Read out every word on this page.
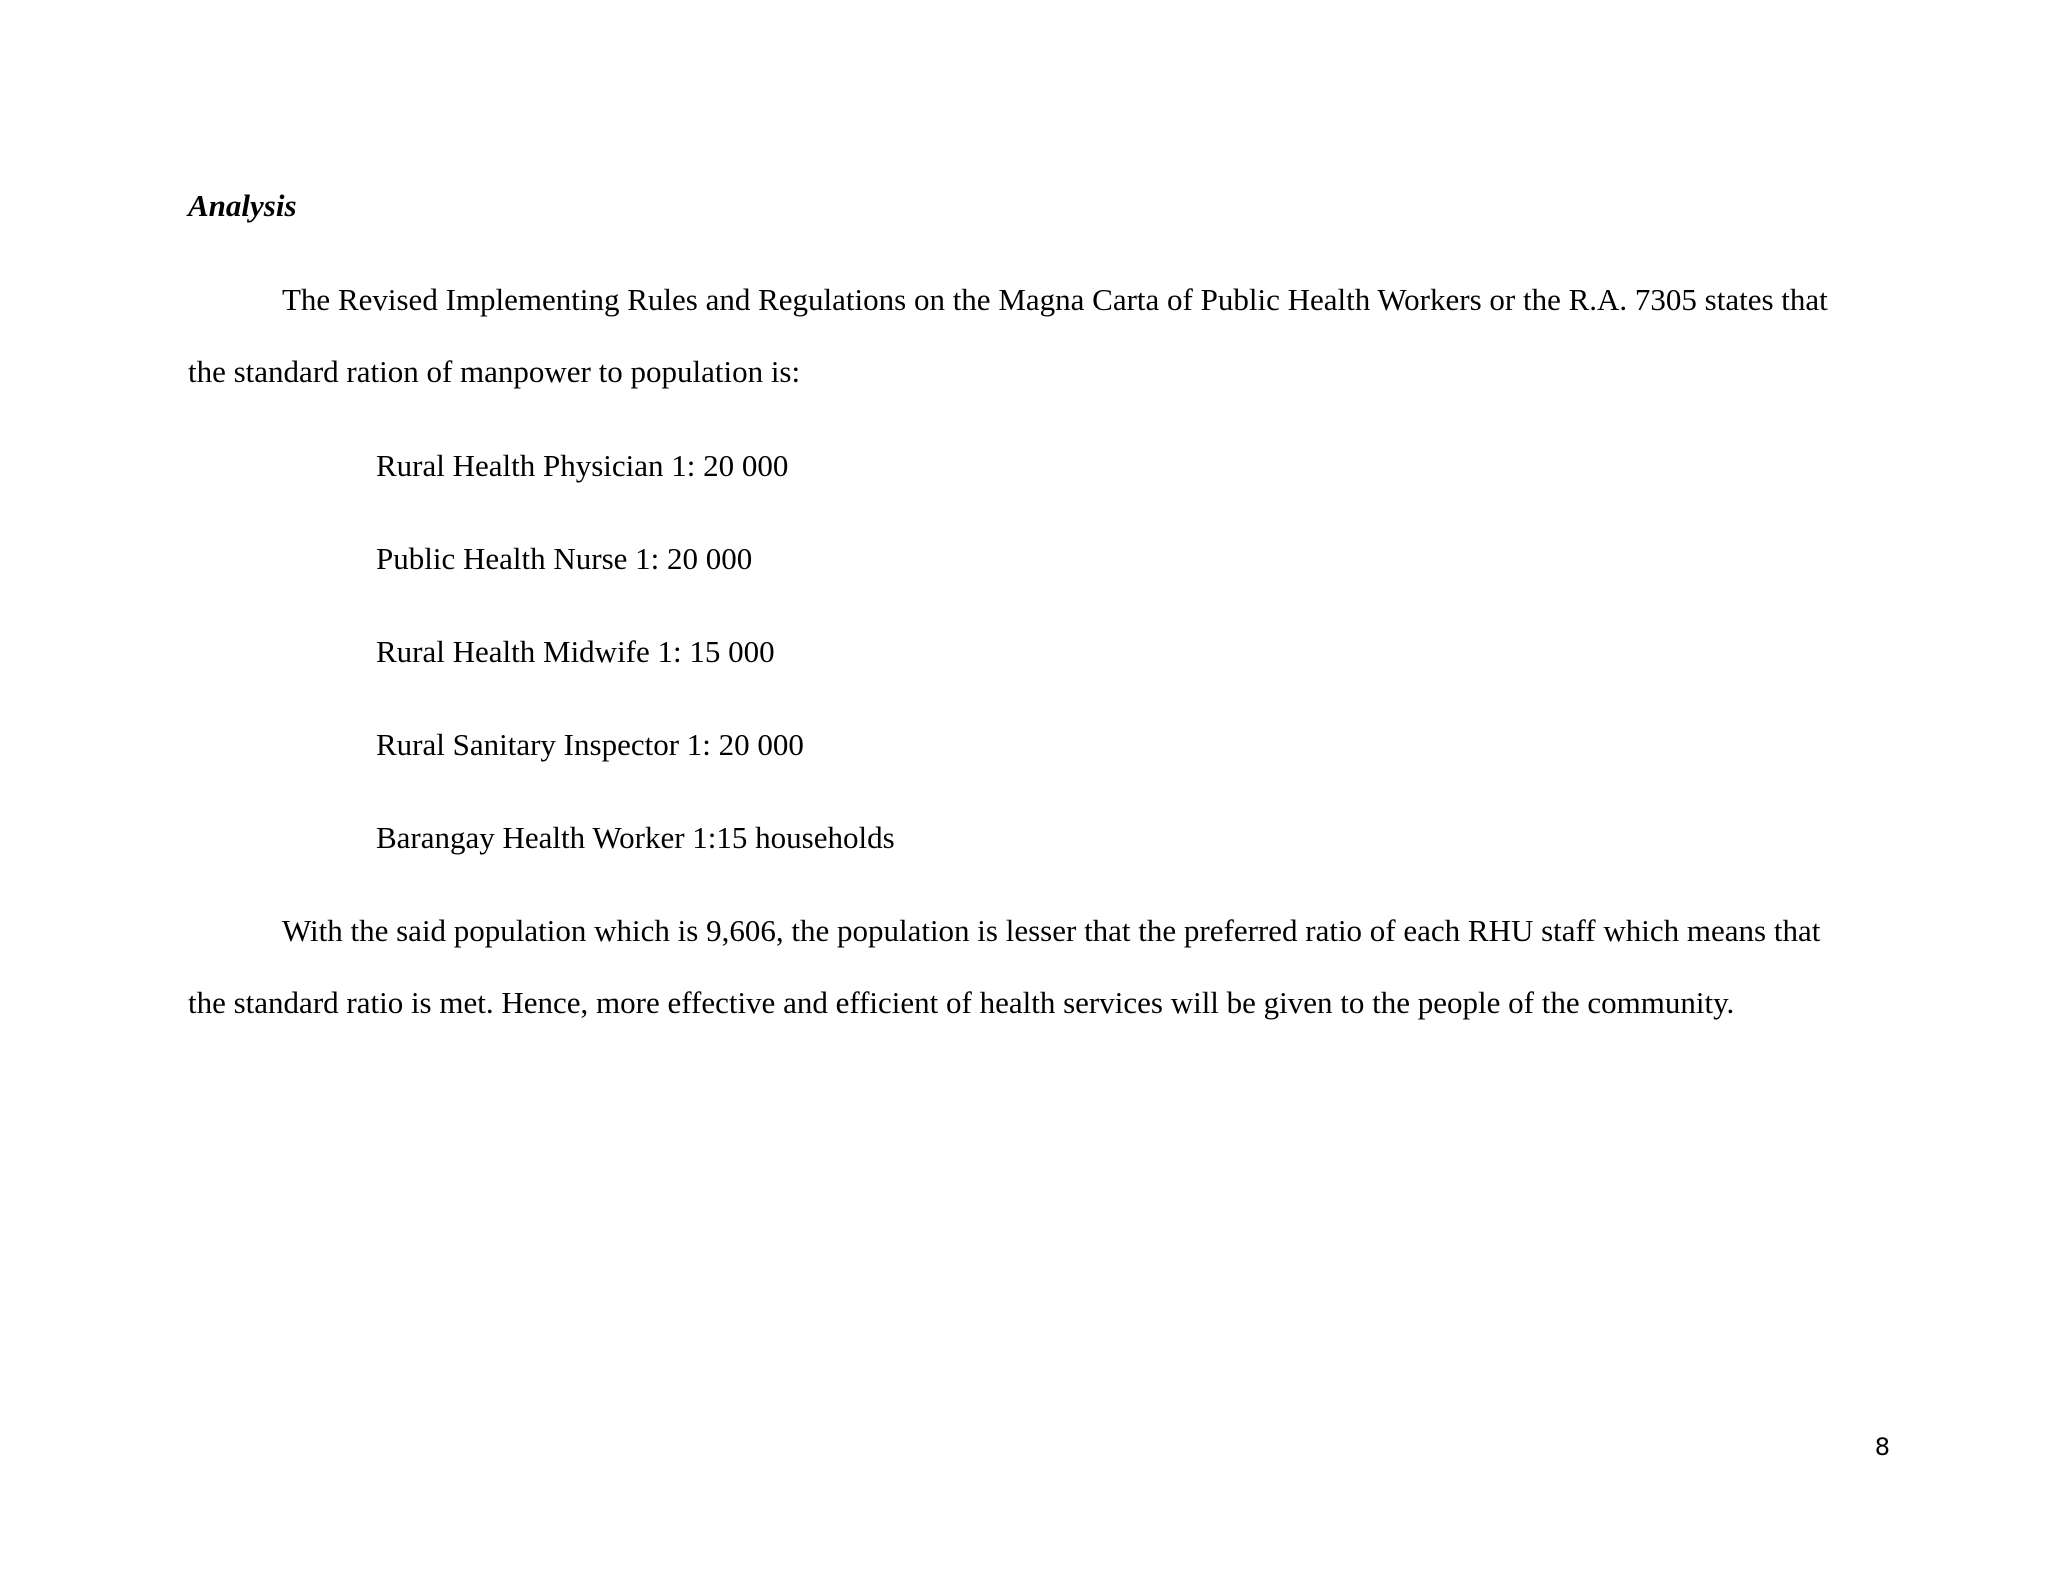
Analysis
The Revised Implementing Rules and Regulations on the Magna Carta of Public Health Workers or the R.A. 7305 states that
the standard ration of manpower to population is:
Rural Health Physician 1: 20 000
Public Health Nurse 1: 20 000
Rural Health Midwife 1: 15 000
Rural Sanitary Inspector 1: 20 000
Barangay Health Worker 1:15 households
With the said population which is 9,606, the population is lesser that the preferred ratio of each RHU staff which means that
the standard ratio is met. Hence, more effective and efficient of health services will be given to the people of the community.
8
